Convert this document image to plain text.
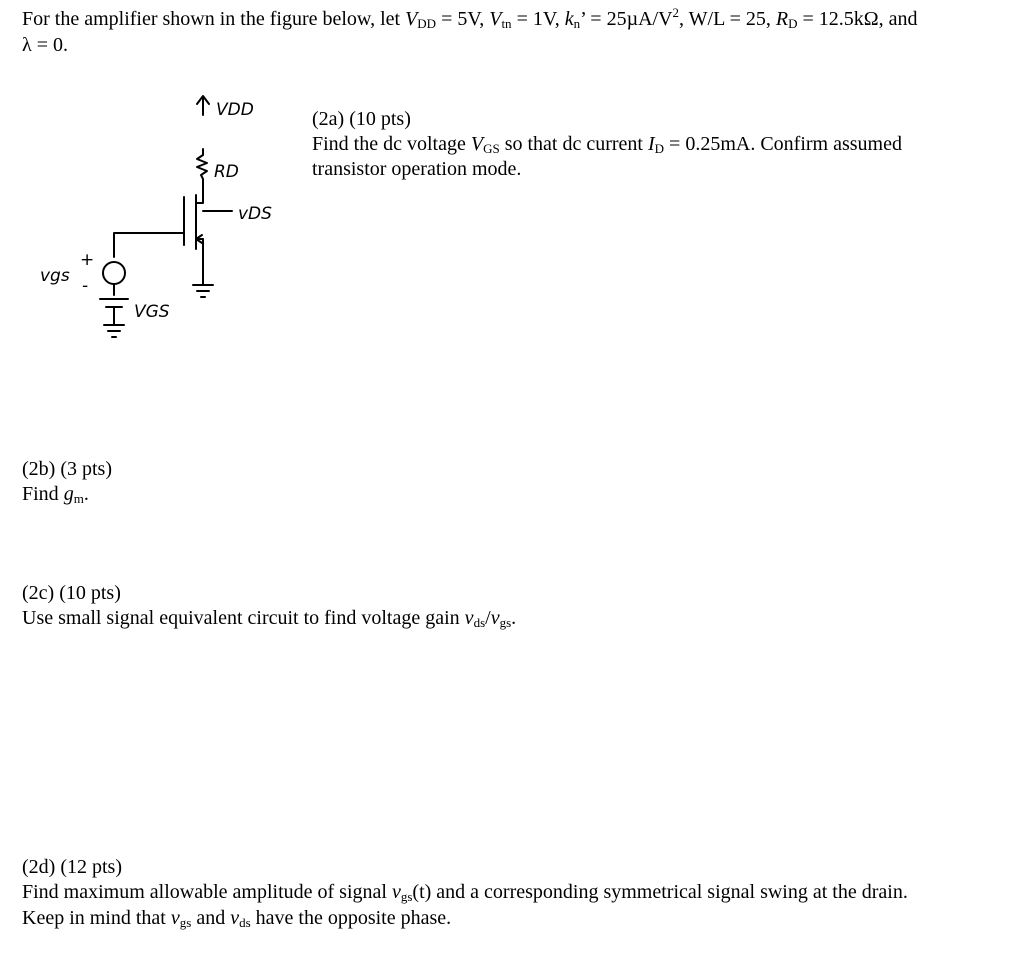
For the amplifier shown in the figure below, let $V_{DD} = 5V$, $V_{tn} = 1V$, $k_n$’ = $25\mu A/V^2$, W/L = 25, $R_D = 12.5k\Omega$, and
λ = 0.
VDD
RD
vDS
VGS
vgs
+
-
(2a) (10 pts)
Find the dc voltage $V_{GS}$ so that dc current $I_D = 0.25mA$. Confirm assumed
transistor operation mode.
(2b) (3 pts)
Find $g_m$.
(2c) (10 pts)
Use small signal equivalent circuit to find voltage gain $v_{ds}/v_{gs}$.
(2d) (12 pts)
Find maximum allowable amplitude of signal $v_{gs}(t)$ and a corresponding symmetrical signal swing at the drain.
Keep in mind that $v_{gs}$ and $v_{ds}$ have the opposite phase.
